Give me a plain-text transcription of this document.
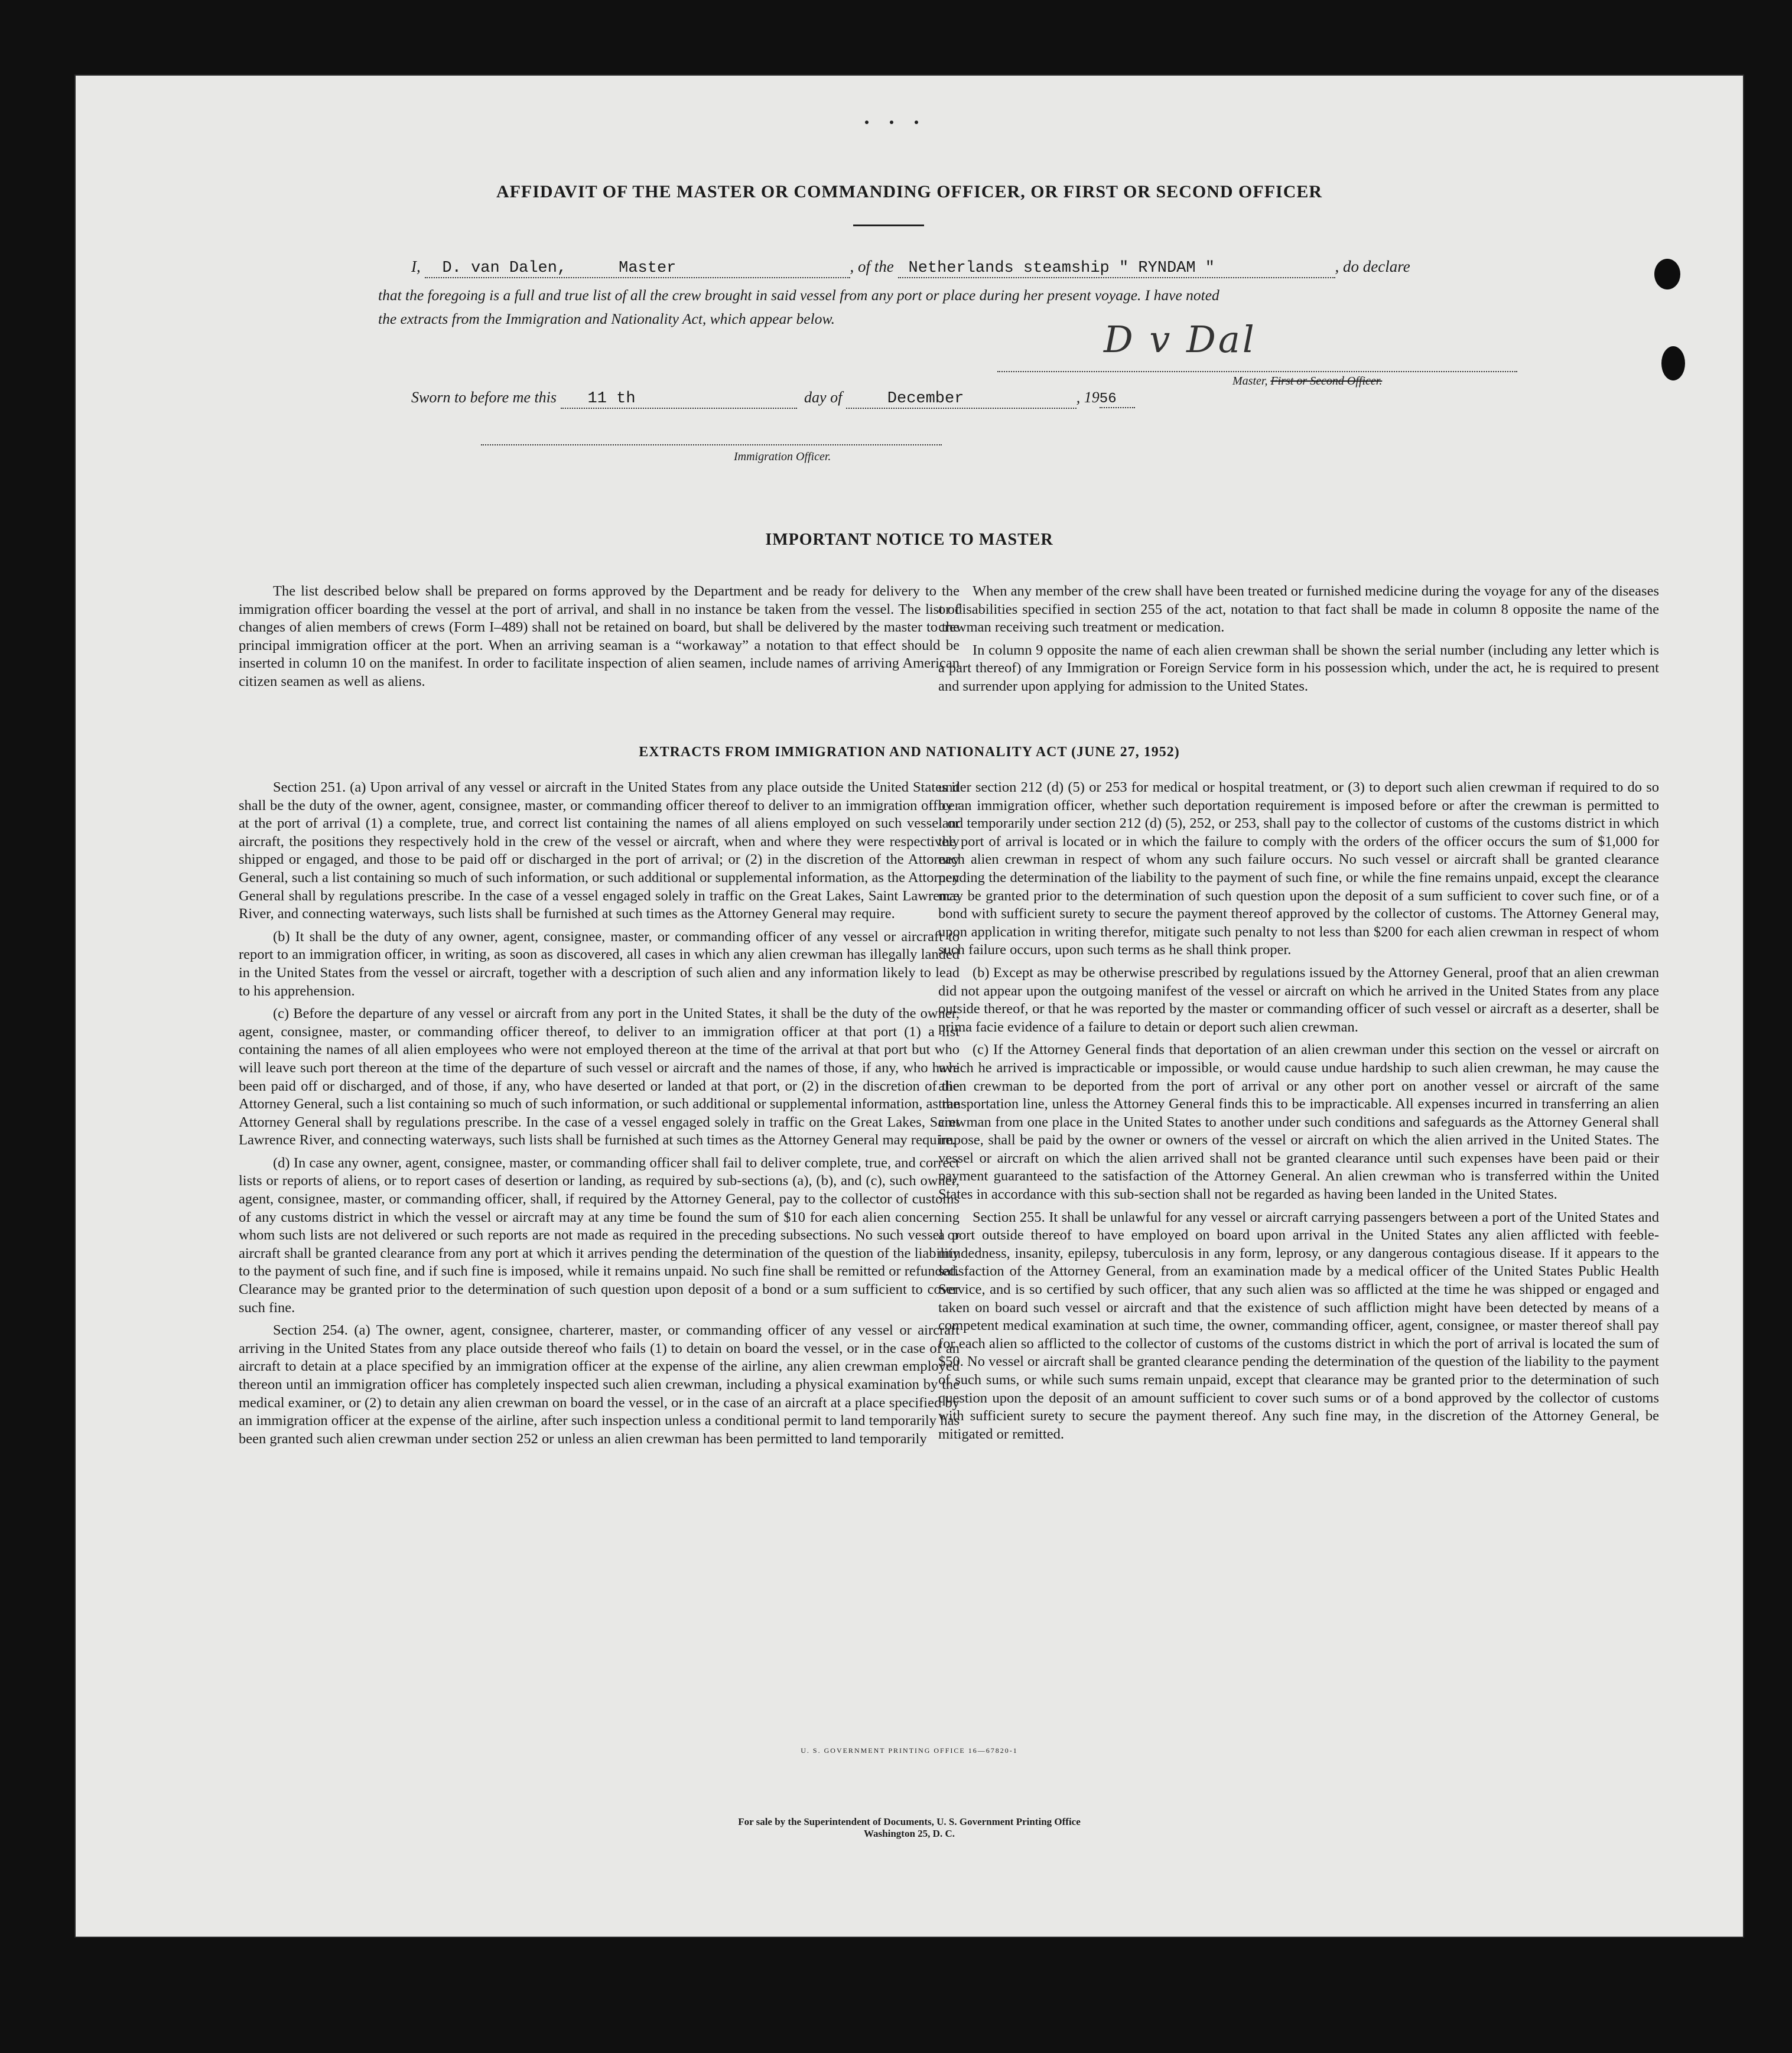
AFFIDAVIT OF THE MASTER OR COMMANDING OFFICER, OR FIRST OR SECOND OFFICER
I, D. van Dalen,	Master	, of the Netherlands steamship " RYNDAM "	, do declare
that the foregoing is a full and true list of all the crew brought in said vessel from any port or place during her present voyage. I have noted
the extracts from the Immigration and Nationality Act, which appear below.	D v Dal
Master, First or Second Officer.
Sworn to before me this 11 th	day of	December	, 1956
Immigration Officer.
IMPORTANT NOTICE TO MASTER

The list described below shall be prepared on forms approved by the Department and be ready for delivery to the immigration officer boarding the vessel at the port of arrival, and shall in no instance be taken from the vessel. The list of changes of alien members of crews (Form I–489) shall not be retained on board, but shall be delivered by the master to the principal immigration officer at the port. When an arriving seaman is a “workaway” a notation to that effect should be inserted in column 10 on the manifest. In order to facilitate inspection of alien seamen, include names of arriving American citizen seamen as well as aliens.

When any member of the crew shall have been treated or furnished medicine during the voyage for any of the diseases or disabilities specified in section 255 of the act, notation to that fact shall be made in column 8 opposite the name of the crewman receiving such treatment or medication.

In column 9 opposite the name of each alien crewman shall be shown the serial number (including any letter which is a part thereof) of any Immigration or Foreign Service form in his possession which, under the act, he is required to present and surrender upon applying for admission to the United States.

EXTRACTS FROM IMMIGRATION AND NATIONALITY ACT (JUNE 27, 1952)

Section 251. (a) Upon arrival of any vessel or aircraft in the United States from any place outside the United States it shall be the duty of the owner, agent, consignee, master, or commanding officer thereof to deliver to an immigration officer at the port of arrival (1) a complete, true, and correct list containing the names of all aliens employed on such vessel or aircraft, the positions they respectively hold in the crew of the vessel or aircraft, when and where they were respectively shipped or engaged, and those to be paid off or discharged in the port of arrival; or (2) in the discretion of the Attorney General, such a list containing so much of such information, or such additional or supplemental information, as the Attorney General shall by regulations prescribe. In the case of a vessel engaged solely in traffic on the Great Lakes, Saint Lawrence River, and connecting waterways, such lists shall be furnished at such times as the Attorney General may require.

(b) It shall be the duty of any owner, agent, consignee, master, or commanding officer of any vessel or aircraft to report to an immigration officer, in writing, as soon as discovered, all cases in which any alien crewman has illegally landed in the United States from the vessel or aircraft, together with a description of such alien and any information likely to lead to his apprehension.

(c) Before the departure of any vessel or aircraft from any port in the United States, it shall be the duty of the owner, agent, consignee, master, or commanding officer thereof, to deliver to an immigration officer at that port (1) a list containing the names of all alien employees who were not employed thereon at the time of the arrival at that port but who will leave such port thereon at the time of the departure of such vessel or aircraft and the names of those, if any, who have been paid off or discharged, and of those, if any, who have deserted or landed at that port, or (2) in the discretion of the Attorney General, such a list containing so much of such information, or such additional or supplemental information, as the Attorney General shall by regulations prescribe. In the case of a vessel engaged solely in traffic on the Great Lakes, Saint Lawrence River, and connecting waterways, such lists shall be furnished at such times as the Attorney General may require.

(d) In case any owner, agent, consignee, master, or commanding officer shall fail to deliver complete, true, and correct lists or reports of aliens, or to report cases of desertion or landing, as required by sub-sections (a), (b), and (c), such owner, agent, consignee, master, or commanding officer, shall, if required by the Attorney General, pay to the collector of customs of any customs district in which the vessel or aircraft may at any time be found the sum of $10 for each alien concerning whom such lists are not delivered or such reports are not made as required in the preceding subsections. No such vessel or aircraft shall be granted clearance from any port at which it arrives pending the determination of the question of the liability to the payment of such fine, and if such fine is imposed, while it remains unpaid. No such fine shall be remitted or refunded. Clearance may be granted prior to the determination of such question upon deposit of a bond or a sum sufficient to cover such fine.

Section 254. (a) The owner, agent, consignee, charterer, master, or commanding officer of any vessel or aircraft arriving in the United States from any place outside thereof who fails (1) to detain on board the vessel, or in the case of an aircraft to detain at a place specified by an immigration officer at the expense of the airline, any alien crewman employed thereon until an immigration officer has completely inspected such alien crewman, including a physical examination by the medical examiner, or (2) to detain any alien crewman on board the vessel, or in the case of an aircraft at a place specified by an immigration officer at the expense of the airline, after such inspection unless a conditional permit to land temporarily has been granted such alien crewman under section 252 or unless an alien crewman has been permitted to land temporarily

under section 212 (d) (5) or 253 for medical or hospital treatment, or (3) to deport such alien crewman if required to do so by an immigration officer, whether such deportation requirement is imposed before or after the crewman is permitted to land temporarily under section 212 (d) (5), 252, or 253, shall pay to the collector of customs of the customs district in which the port of arrival is located or in which the failure to comply with the orders of the officer occurs the sum of $1,000 for each alien crewman in respect of whom any such failure occurs. No such vessel or aircraft shall be granted clearance pending the determination of the liability to the payment of such fine, or while the fine remains unpaid, except the clearance may be granted prior to the determination of such question upon the deposit of a sum sufficient to cover such fine, or of a bond with sufficient surety to secure the payment thereof approved by the collector of customs. The Attorney General may, upon application in writing therefor, mitigate such penalty to not less than $200 for each alien crewman in respect of whom such failure occurs, upon such terms as he shall think proper.

(b) Except as may be otherwise prescribed by regulations issued by the Attorney General, proof that an alien crewman did not appear upon the outgoing manifest of the vessel or aircraft on which he arrived in the United States from any place outside thereof, or that he was reported by the master or commanding officer of such vessel or aircraft as a deserter, shall be prima facie evidence of a failure to detain or deport such alien crewman.

(c) If the Attorney General finds that deportation of an alien crewman under this section on the vessel or aircraft on which he arrived is impracticable or impossible, or would cause undue hardship to such alien crewman, he may cause the alien crewman to be deported from the port of arrival or any other port on another vessel or aircraft of the same transportation line, unless the Attorney General finds this to be impracticable. All expenses incurred in transferring an alien crewman from one place in the United States to another under such conditions and safeguards as the Attorney General shall impose, shall be paid by the owner or owners of the vessel or aircraft on which the alien arrived in the United States. The vessel or aircraft on which the alien arrived shall not be granted clearance until such expenses have been paid or their payment guaranteed to the satisfaction of the Attorney General. An alien crewman who is transferred within the United States in accordance with this sub-section shall not be regarded as having been landed in the United States.

Section 255. It shall be unlawful for any vessel or aircraft carrying passengers between a port of the United States and a port outside thereof to have employed on board upon arrival in the United States any alien afflicted with feeble-mindedness, insanity, epilepsy, tuberculosis in any form, leprosy, or any dangerous contagious disease. If it appears to the satisfaction of the Attorney General, from an examination made by a medical officer of the United States Public Health Service, and is so certified by such officer, that any such alien was so afflicted at the time he was shipped or engaged and taken on board such vessel or aircraft and that the existence of such affliction might have been detected by means of a competent medical examination at such time, the owner, commanding officer, agent, consignee, or master thereof shall pay for each alien so afflicted to the collector of customs of the customs district in which the port of arrival is located the sum of $50. No vessel or aircraft shall be granted clearance pending the determination of the question of the liability to the payment of such sums, or while such sums remain unpaid, except that clearance may be granted prior to the determination of such question upon the deposit of an amount sufficient to cover such sums or of a bond approved by the collector of customs with sufficient surety to secure the payment thereof. Any such fine may, in the discretion of the Attorney General, be mitigated or remitted.

U. S. GOVERNMENT PRINTING OFFICE 16—67820-1
For sale by the Superintendent of Documents, U. S. Government Printing Office
Washington 25, D. C.
